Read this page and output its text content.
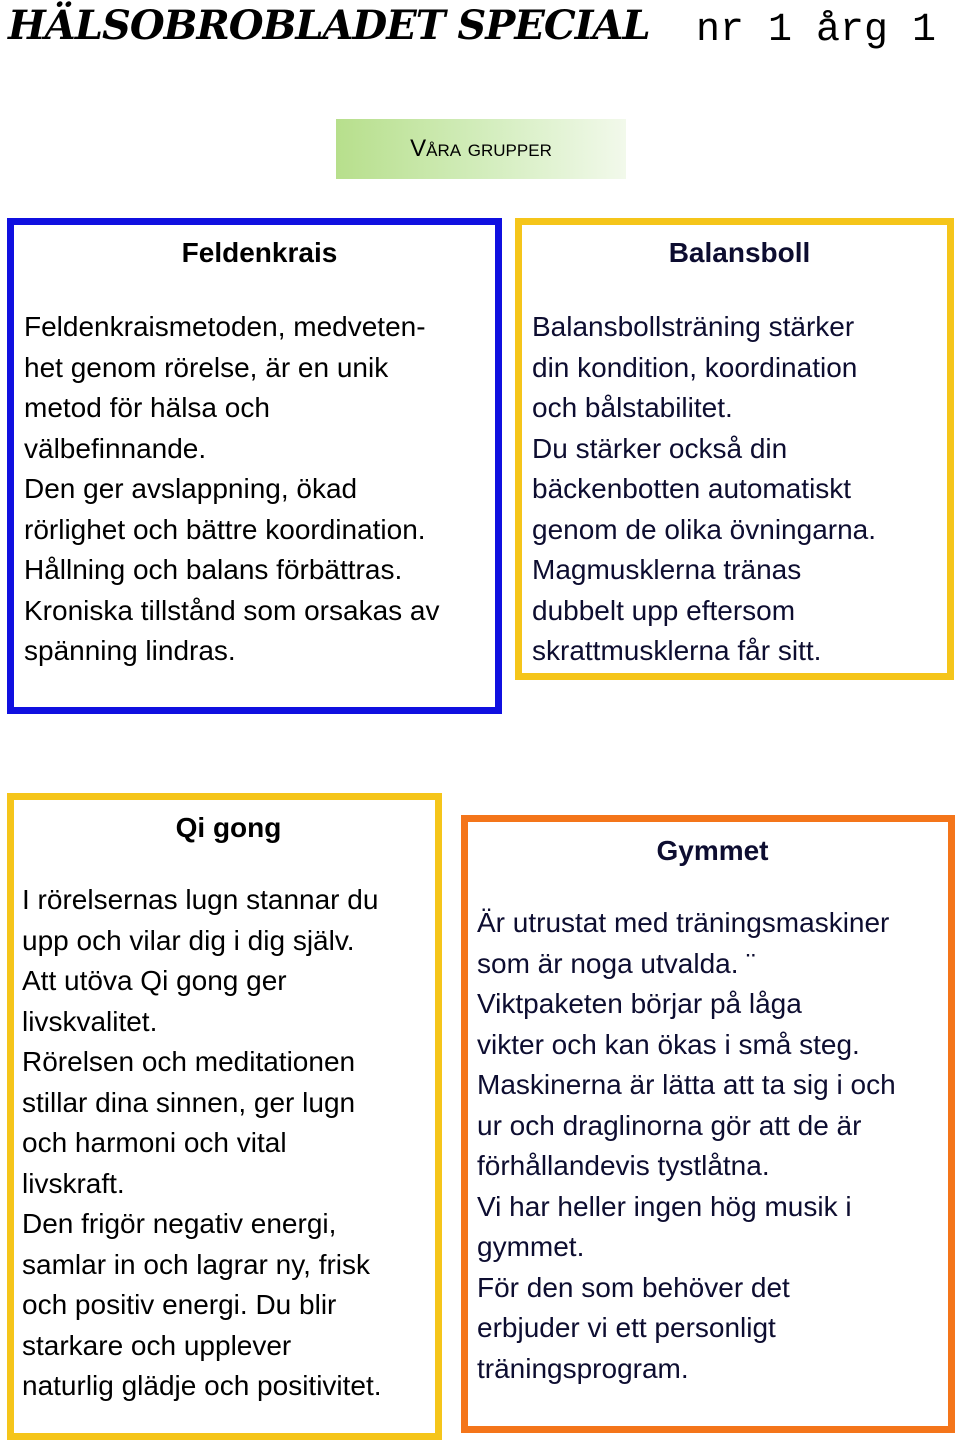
HÄLSOBROBLADET SPECIAL nr 1 årg 1
Våra grupper
Feldenkrais
Feldenkraismetoden, medveten-
het genom rörelse, är en unik
metod för hälsa och
välbefinnande.
Den ger avslappning, ökad
rörlighet och bättre koordination.
Hållning och balans förbättras.
Kroniska tillstånd som orsakas av
spänning lindras.
Balansboll
Balansbollsträning stärker
din kondition, koordination
och bålstabilitet.
Du stärker också din
bäckenbotten automatiskt
genom de olika övningarna.
Magmusklerna tränas
dubbelt upp eftersom
skrattmusklerna får sitt.
Qi gong
I rörelsernas lugn stannar du
upp och vilar dig i dig själv.
Att utöva Qi gong ger
livskvalitet.
Rörelsen och meditationen
stillar dina sinnen, ger lugn
och harmoni och vital
livskraft.
Den frigör negativ energi,
samlar in och lagrar ny, frisk
och positiv energi. Du blir
starkare och upplever
naturlig glädje och positivitet.
Gymmet
Är utrustat med träningsmaskiner
som är noga utvalda. ¨
Viktpaketen börjar på låga
vikter och kan ökas i små steg.
Maskinerna är lätta att ta sig i och
ur och draglinorna gör att de är
förhållandevis tystlåtna.
Vi har heller ingen hög musik i
gymmet.
För den som behöver det
erbjuder vi ett personligt
träningsprogram.
